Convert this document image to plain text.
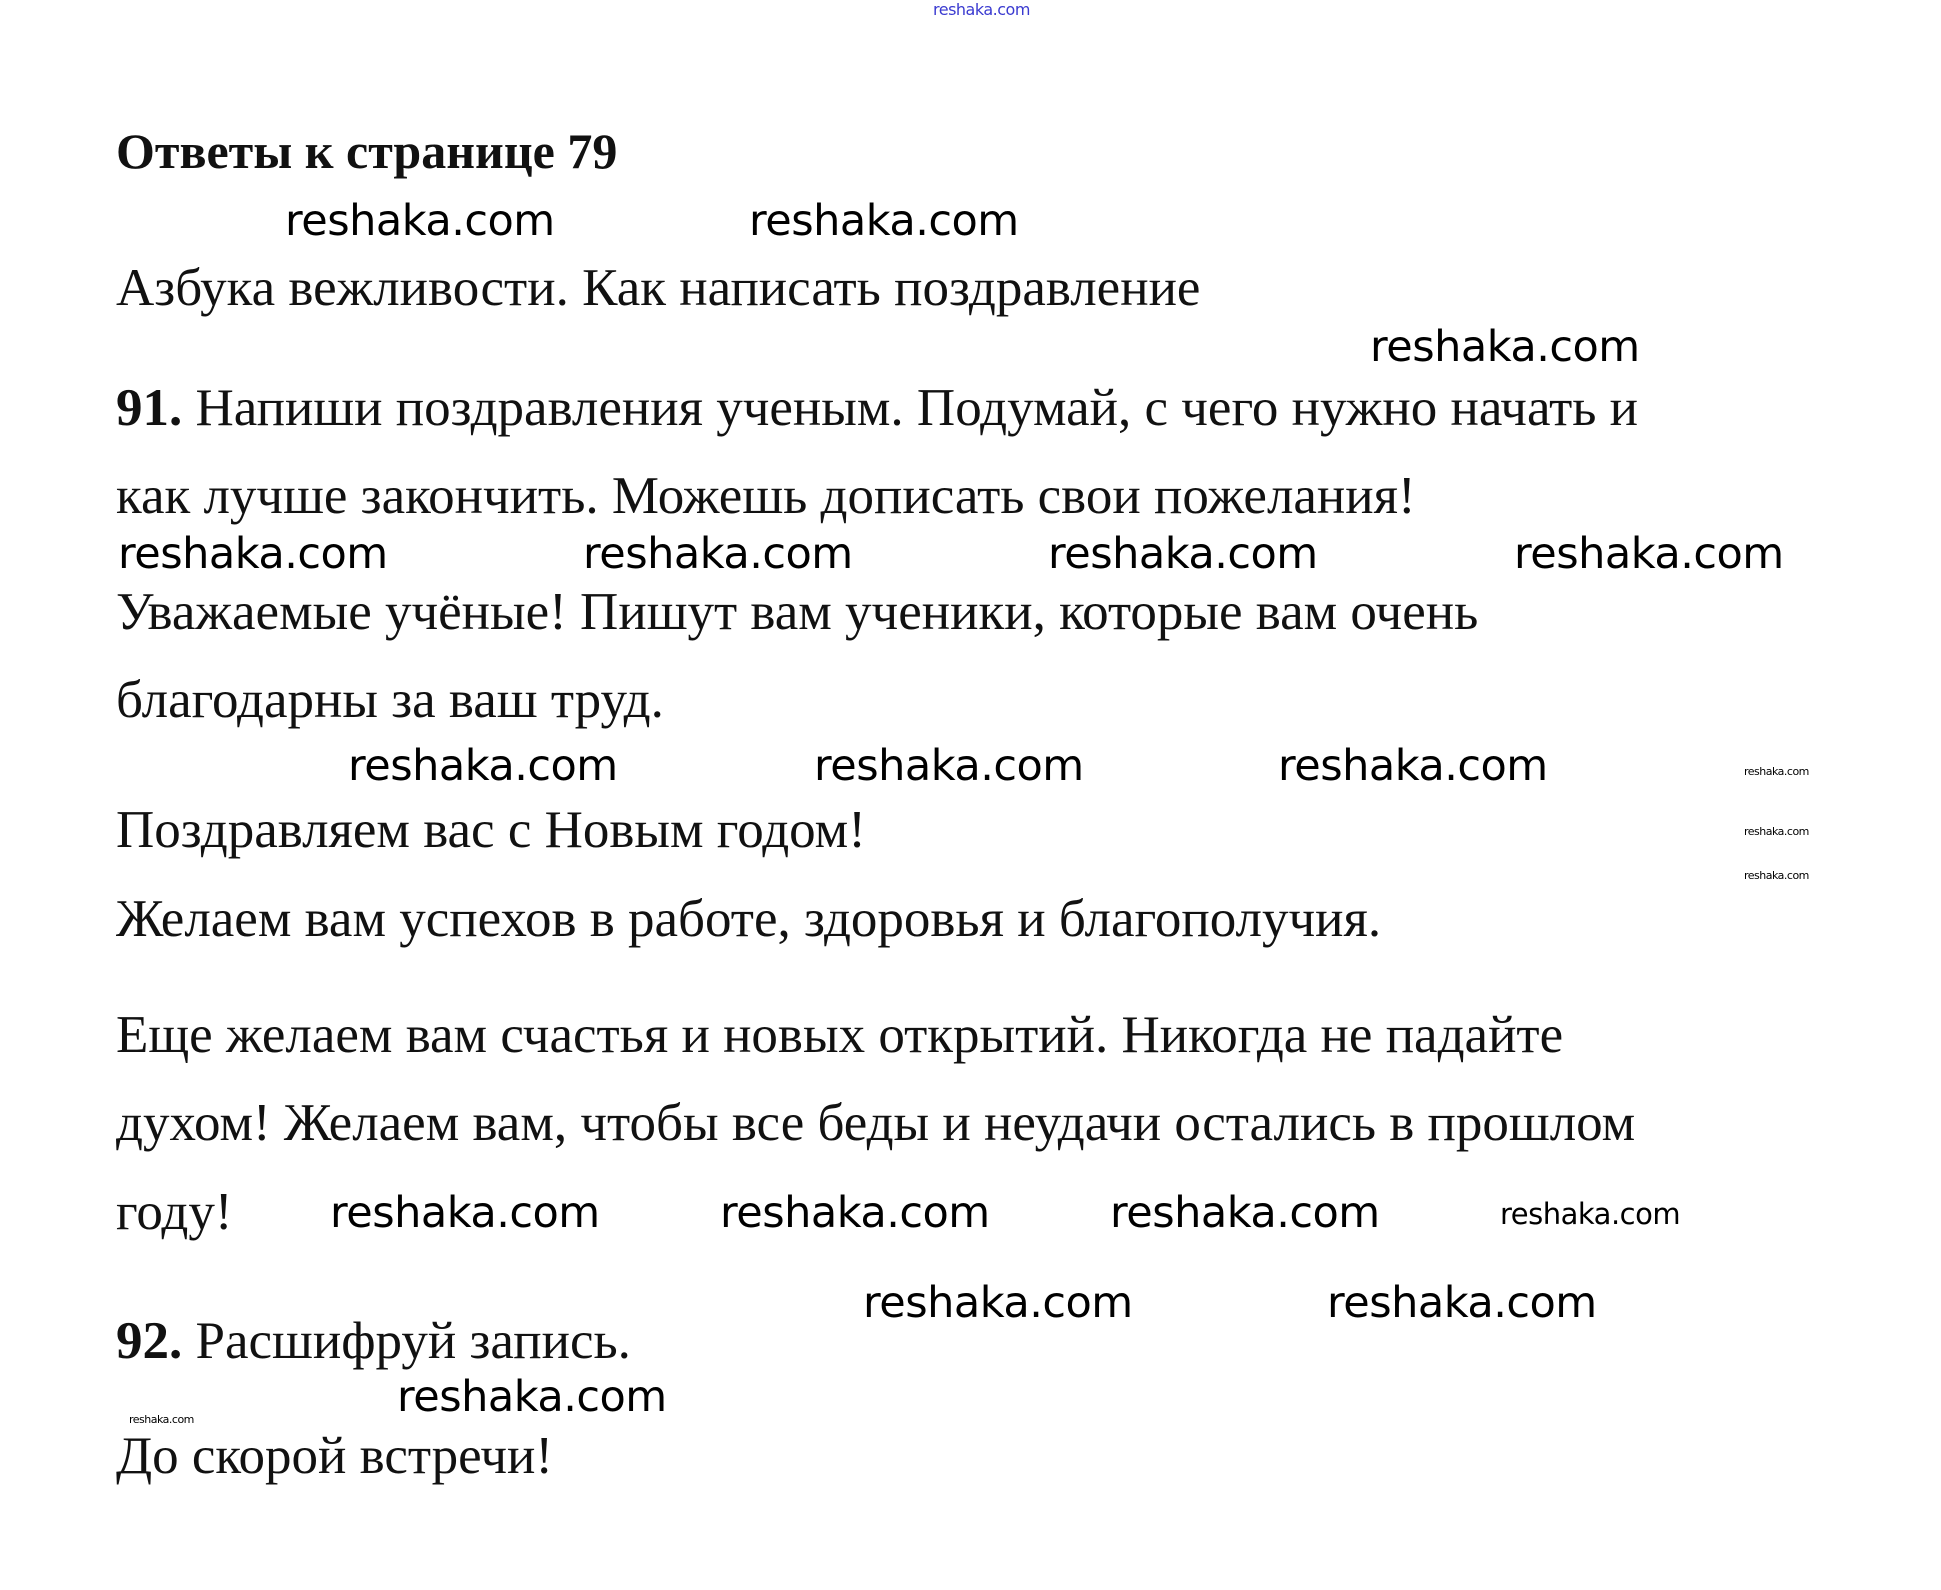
reshaka.com
Ответы к странице 79
Азбука вежливости. Как написать поздравление
91. Напиши поздравления ученым. Подумай, с чего нужно начать и
как лучше закончить. Можешь дописать свои пожелания!
Уважаемые учёные! Пишут вам ученики, которые вам очень
благодарны за ваш труд.
Поздравляем вас с Новым годом!
Желаем вам успехов в работе, здоровья и благополучия.
Еще желаем вам счастья и новых открытий. Никогда не падайте
духом! Желаем вам, чтобы все беды и неудачи остались в прошлом
году!
92. Расшифруй запись.
До скорой встречи!
reshaka.com	reshaka.com
reshaka.com
reshaka.com	reshaka.com	reshaka.com	reshaka.com
reshaka.com	reshaka.com	reshaka.com
reshaka.com	reshaka.com
reshaka.com
reshaka.com	reshaka.com
reshaka.com
reshaka.com
reshaka.com
reshaka.com
reshaka.com
reshaka.com
